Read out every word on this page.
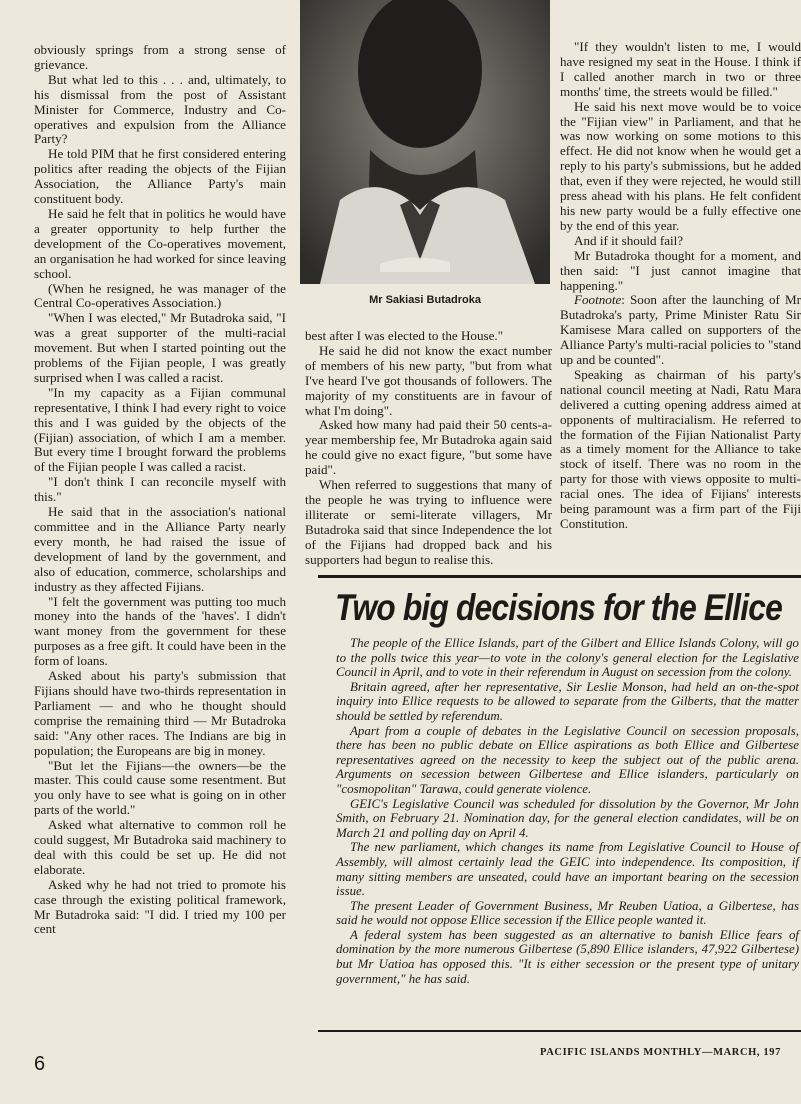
obviously springs from a strong sense of grievance.

But what led to this . . . and, ultimately, to his dismissal from the post of Assistant Minister for Commerce, Industry and Co-operatives and expulsion from the Alliance Party?

He told PIM that he first considered entering politics after reading the objects of the Fijian Association, the Alliance Party's main constituent body.

He said he felt that in politics he would have a greater opportunity to help further the development of the Co-operatives movement, an organisation he had worked for since leaving school.

(When he resigned, he was manager of the Central Co-operatives Association.)

"When I was elected," Mr Butadroka said, "I was a great supporter of the multi-racial movement. But when I started pointing out the problems of the Fijian people, I was greatly surprised when I was called a racist.

"In my capacity as a Fijian communal representative, I think I had every right to voice this and I was guided by the objects of the (Fijian) association, of which I am a member. But every time I brought forward the problems of the Fijian people I was called a racist.

"I don't think I can reconcile myself with this."

He said that in the association's national committee and in the Alliance Party nearly every month, he had raised the issue of development of land by the government, and also of education, commerce, scholarships and industry as they affected Fijians.

"I felt the government was putting too much money into the hands of the 'haves'. I didn't want money from the government for these purposes as a free gift. It could have been in the form of loans.

Asked about his party's submission that Fijians should have two-thirds representation in Parliament — and who he thought should comprise the remaining third — Mr Butadroka said: "Any other races. The Indians are big in population; the Europeans are big in money.

"But let the Fijians—the owners—be the master. This could cause some resentment. But you only have to see what is going on in other parts of the world."

Asked what alternative to common roll he could suggest, Mr Butadroka said machinery to deal with this could be set up. He did not elaborate.

Asked why he had not tried to promote his case through the existing political framework, Mr Butadroka said: "I did. I tried my 100 per cent

Mr Sakiasi Butadroka

best after I was elected to the House."

He said he did not know the exact number of members of his new party, "but from what I've heard I've got thousands of followers. The majority of my constituents are in favour of what I'm doing".

Asked how many had paid their 50 cents-a-year membership fee, Mr Butadroka again said he could give no exact figure, "but some have paid".

When referred to suggestions that many of the people he was trying to influence were illiterate or semi-literate villagers, Mr Butadroka said that since Independence the lot of the Fijians had dropped back and his supporters had begun to realise this.

"If they wouldn't listen to me, I would have resigned my seat in the House. I think if I called another march in two or three months' time, the streets would be filled."

He said his next move would be to voice the "Fijian view" in Parliament, and that he was now working on some motions to this effect. He did not know when he would get a reply to his party's submissions, but he added that, even if they were rejected, he would still press ahead with his plans. He felt confident his new party would be a fully effective one by the end of this year.

And if it should fail?

Mr Butadroka thought for a moment, and then said: "I just cannot imagine that happening."

Footnote: Soon after the launching of Mr Butadroka's party, Prime Minister Ratu Sir Kamisese Mara called on supporters of the Alliance Party's multi-racial policies to "stand up and be counted".

Speaking as chairman of his party's national council meeting at Nadi, Ratu Mara delivered a cutting opening address aimed at opponents of multiracialism. He referred to the formation of the Fijian Nationalist Party as a timely moment for the Alliance to take stock of itself. There was no room in the party for those with views opposite to multi-racial ones. The idea of Fijians' interests being paramount was a firm part of the Fiji Constitution.

Two big decisions for the Ellice

The people of the Ellice Islands, part of the Gilbert and Ellice Islands Colony, will go to the polls twice this year—to vote in the colony's general election for the Legislative Council in April, and to vote in their referendum in August on secession from the colony.

Britain agreed, after her representative, Sir Leslie Monson, had held an on-the-spot inquiry into Ellice requests to be allowed to separate from the Gilberts, that the matter should be settled by referendum.

Apart from a couple of debates in the Legislative Council on secession proposals, there has been no public debate on Ellice aspirations as both Ellice and Gilbertese representatives agreed on the necessity to keep the subject out of the public arena. Arguments on secession between Gilbertese and Ellice islanders, particularly on "cosmopolitan" Tarawa, could generate violence.

GEIC's Legislative Council was scheduled for dissolution by the Governor, Mr John Smith, on February 21. Nomination day, for the general election candidates, will be on March 21 and polling day on April 4.

The new parliament, which changes its name from Legislative Council to House of Assembly, will almost certainly lead the GEIC into independence. Its composition, if many sitting members are unseated, could have an important bearing on the secession issue.

The present Leader of Government Business, Mr Reuben Uatioa, a Gilbertese, has said he would not oppose Ellice secession if the Ellice people wanted it.

A federal system has been suggested as an alternative to banish Ellice fears of domination by the more numerous Gilbertese (5,890 Ellice islanders, 47,922 Gilbertese) but Mr Uatioa has opposed this. "It is either secession or the present type of unitary government," he has said.

PACIFIC ISLANDS MONTHLY—MARCH, 197
6
